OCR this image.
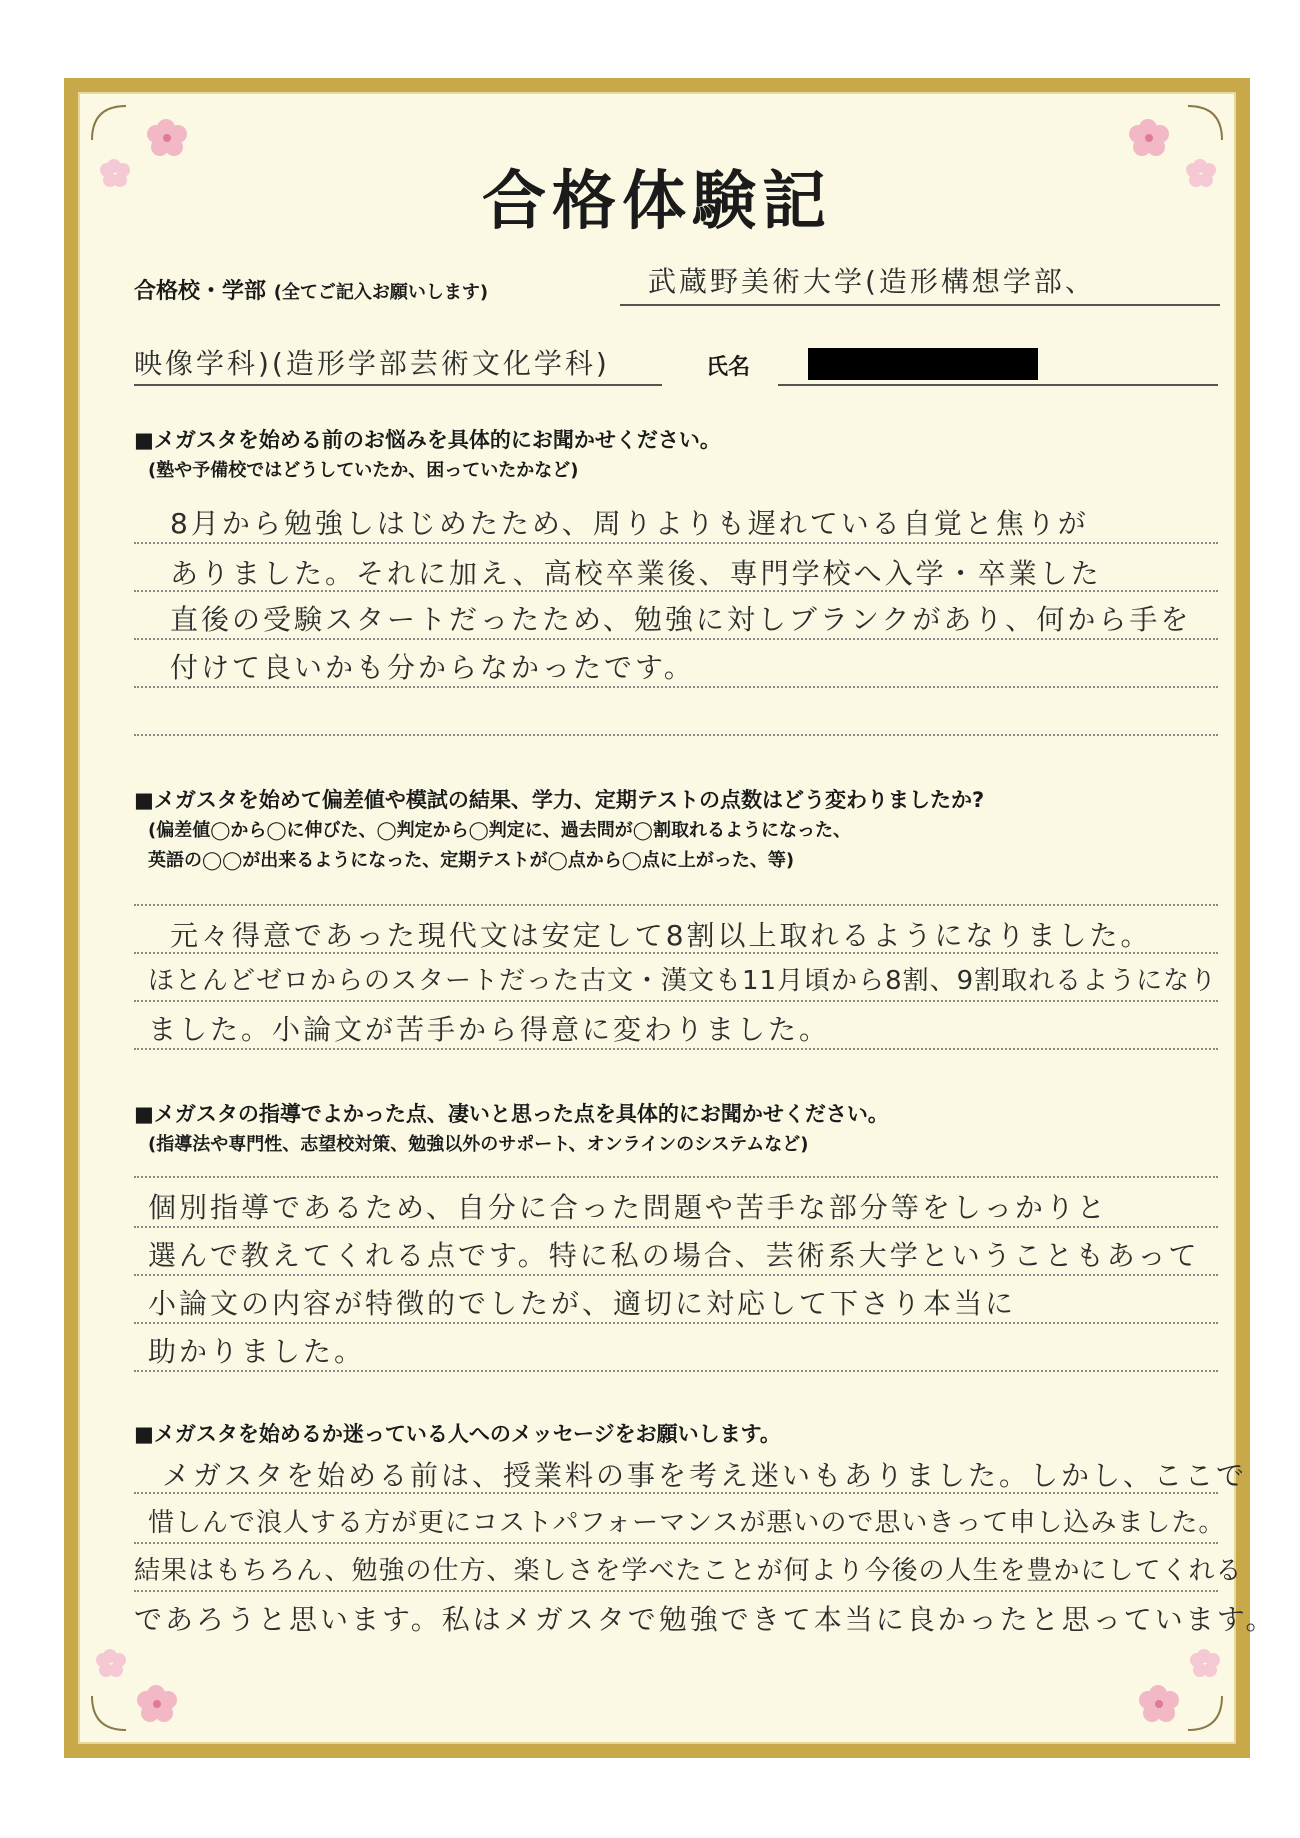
合格体験記
合格校・学部 (全てご記入お願いします)	武蔵野美術大学(造形構想学部、
映像学科)(造形学部芸術文化学科)	氏名
■メガスタを始める前のお悩みを具体的にお聞かせください。
(塾や予備校ではどうしていたか、困っていたかなど)
8月から勉強しはじめたため、周りよりも遅れている自覚と焦りが
ありました。それに加え、高校卒業後、専門学校へ入学・卒業した
直後の受験スタートだったため、勉強に対しブランクがあり、何から手を
付けて良いかも分からなかったです。
■メガスタを始めて偏差値や模試の結果、学力、定期テストの点数はどう変わりましたか?
(偏差値◯から◯に伸びた、◯判定から◯判定に、過去問が◯割取れるようになった、
英語の◯◯が出来るようになった、定期テストが◯点から◯点に上がった、等)
元々得意であった現代文は安定して8割以上取れるようになりました。
ほとんどゼロからのスタートだった古文・漢文も11月頃から8割、9割取れるようになり
ました。小論文が苦手から得意に変わりました。
■メガスタの指導でよかった点、凄いと思った点を具体的にお聞かせください。
(指導法や専門性、志望校対策、勉強以外のサポート、オンラインのシステムなど)
個別指導であるため、自分に合った問題や苦手な部分等をしっかりと
選んで教えてくれる点です。特に私の場合、芸術系大学ということもあって
小論文の内容が特徴的でしたが、適切に対応して下さり本当に
助かりました。
■メガスタを始めるか迷っている人へのメッセージをお願いします。
メガスタを始める前は、授業料の事を考え迷いもありました。しかし、ここで
惜しんで浪人する方が更にコストパフォーマンスが悪いので思いきって申し込みました。
結果はもちろん、勉強の仕方、楽しさを学べたことが何より今後の人生を豊かにしてくれる
であろうと思います。私はメガスタで勉強できて本当に良かったと思っています。
